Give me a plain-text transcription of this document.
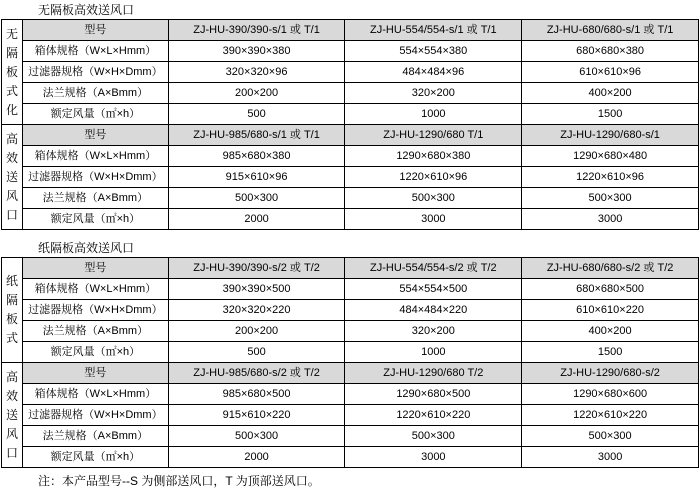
无隔板高效送风口
无
隔
板
式
化	型号	ZJ-HU-390/390-s/1 或 T/1	ZJ-HU-554/554-s/1 或 T/1	ZJ-HU-680/680-s/1 或 T/1
	箱体规格（W×L×Hmm）	390×390×380	554×554×380	680×680×380
	过滤器规格（W×H×Dmm）	320×320×96	484×484×96	610×610×96
	法兰规格（A×Bmm）	200×200	320×200	400×200
	额定风量（㎡×h）	500	1000	1500

高
效
送
风
口	型号	ZJ-HU-985/680-s/1 或 T/1	ZJ-HU-1290/680 T/1	ZJ-HU-1290/680-s/1
	箱体规格（W×L×Hmm）	985×680×380	1290×680×380	1290×680×480
	过滤器规格（W×H×Dmm）	915×610×96	1220×610×96	1220×610×96
	法兰规格（A×Bmm）	500×300	500×300	500×300
	额定风量（㎡×h）	2000	3000	3000
纸隔板高效送风口
纸
隔
板
式	型号	ZJ-HU-390/390-s/2 或 T/2	ZJ-HU-554/554-s/2 或 T/2	ZJ-HU-680/680-s/2 或 T/2
	箱体规格（W×L×Hmm）	390×390×500	554×554×500	680×680×500
	过滤器规格（W×H×Dmm）	320×320×220	484×484×220	610×610×220
	法兰规格（A×Bmm）	200×200	320×200	400×200
	额定风量（㎡×h）	500	1000	1500

高
效
送
风
口	型号	ZJ-HU-985/680-s/2 或 T/2	ZJ-HU-1290/680 T/2	ZJ-HU-1290/680-s/2
	箱体规格（W×L×Hmm）	985×680×500	1290×680×500	1290×680×600
	过滤器规格（W×H×Dmm）	915×610×220	1220×610×220	1220×610×220
	法兰规格（A×Bmm）	500×300	500×300	500×300
	额定风量（㎡×h）	2000	3000	3000
注：本产品型号--S 为侧部送风口，T 为顶部送风口。
